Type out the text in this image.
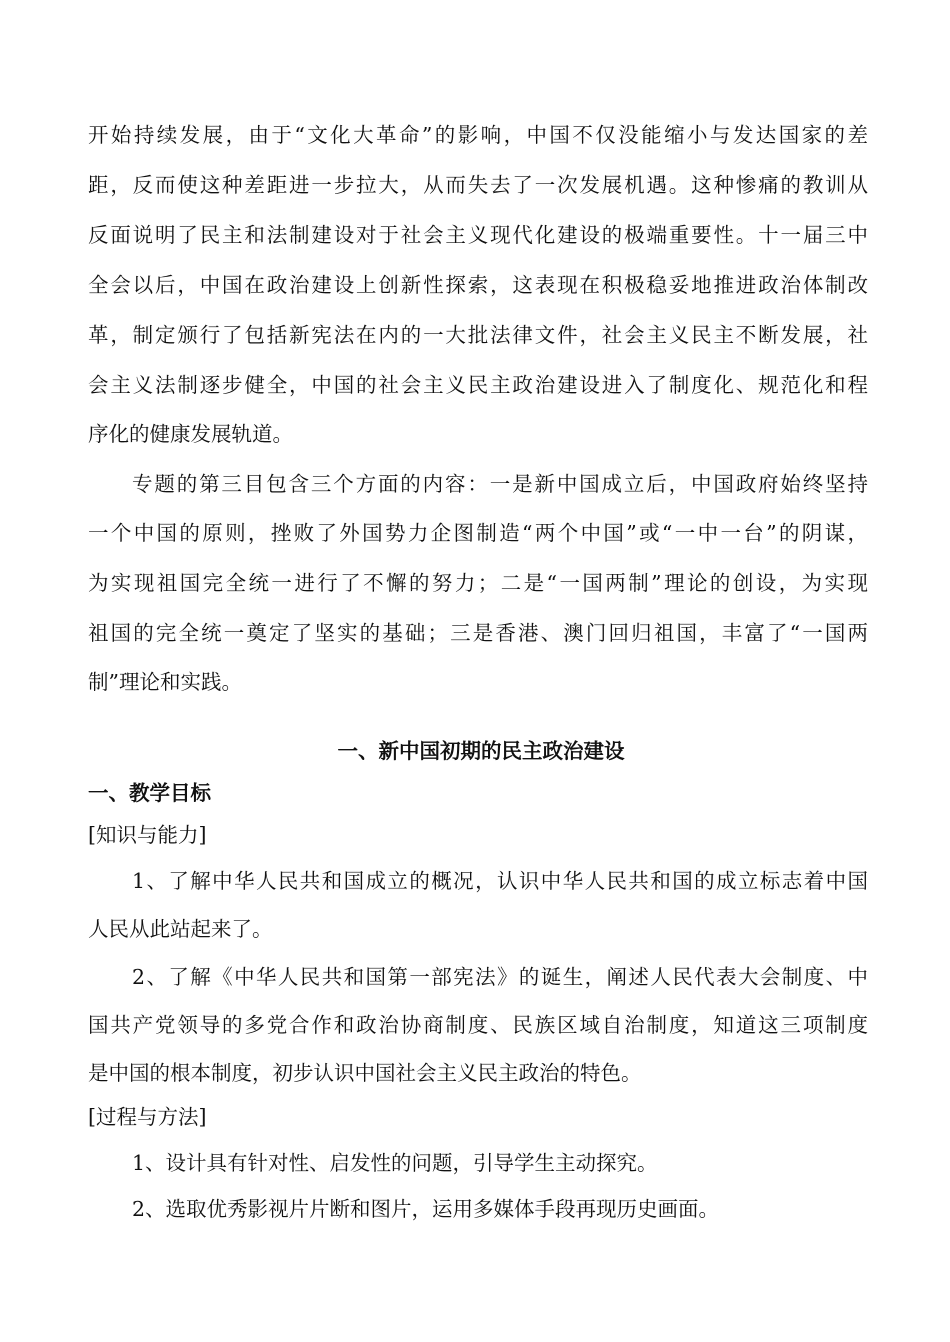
开始持续发展，由于“文化大革命”的影响，中国不仅没能缩小与发达国家的差
距，反而使这种差距进一步拉大，从而失去了一次发展机遇。这种惨痛的教训从
反面说明了民主和法制建设对于社会主义现代化建设的极端重要性。十一届三中
全会以后，中国在政治建设上创新性探索，这表现在积极稳妥地推进政治体制改
革，制定颁行了包括新宪法在内的一大批法律文件，社会主义民主不断发展，社
会主义法制逐步健全，中国的社会主义民主政治建设进入了制度化、规范化和程
序化的健康发展轨道。
专题的第三目包含三个方面的内容：一是新中国成立后，中国政府始终坚持
一个中国的原则，挫败了外国势力企图制造“两个中国”或“一中一台”的阴谋，
为实现祖国完全统一进行了不懈的努力；二是“一国两制”理论的创设，为实现
祖国的完全统一奠定了坚实的基础；三是香港、澳门回归祖国，丰富了“一国两
制”理论和实践。
一、新中国初期的民主政治建设
一、教学目标
[知识与能力]
1、了解中华人民共和国成立的概况，认识中华人民共和国的成立标志着中国
人民从此站起来了。
2、了解《中华人民共和国第一部宪法》的诞生，阐述人民代表大会制度、中
国共产党领导的多党合作和政治协商制度、民族区域自治制度，知道这三项制度
是中国的根本制度，初步认识中国社会主义民主政治的特色。
[过程与方法]
1、设计具有针对性、启发性的问题，引导学生主动探究。
2、选取优秀影视片片断和图片，运用多媒体手段再现历史画面。
